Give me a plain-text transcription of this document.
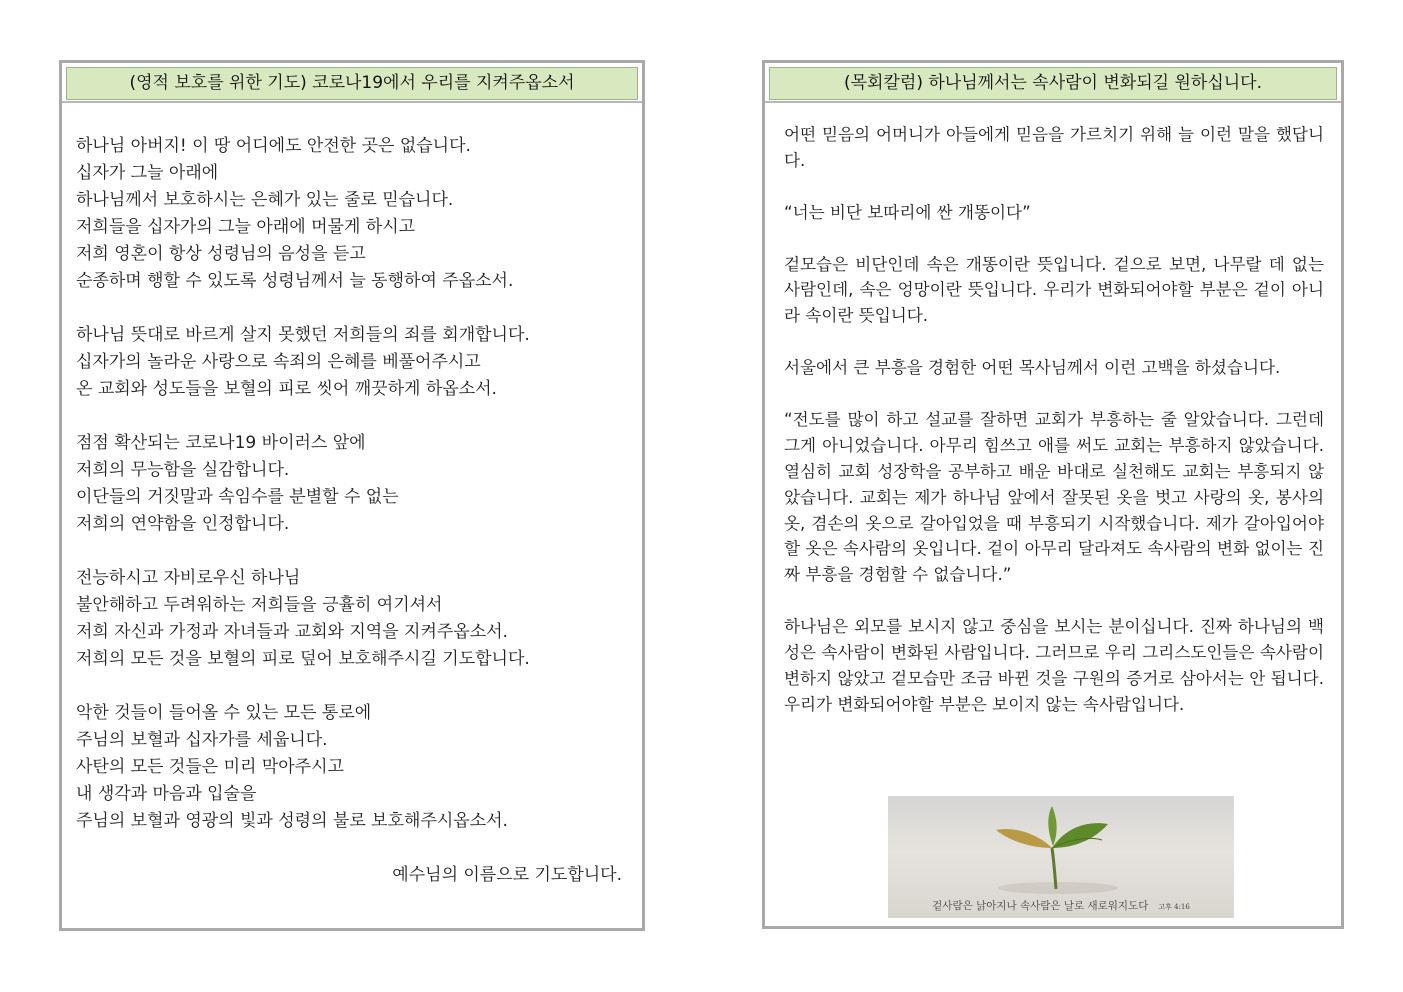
(영적 보호를 위한 기도) 코로나19에서 우리를 지켜주옵소서
하나님 아버지! 이 땅 어디에도 안전한 곳은 없습니다.
십자가 그늘 아래에
하나님께서 보호하시는 은혜가 있는 줄로 믿습니다.
저희들을 십자가의 그늘 아래에 머물게 하시고
저희 영혼이 항상 성령님의 음성을 듣고
순종하며 행할 수 있도록 성령님께서 늘 동행하여 주옵소서.
하나님 뜻대로 바르게 살지 못했던 저희들의 죄를 회개합니다.
십자가의 놀라운 사랑으로 속죄의 은혜를 베풀어주시고
온 교회와 성도들을 보혈의 피로 씻어 깨끗하게 하옵소서.
점점 확산되는 코로나19 바이러스 앞에
저희의 무능함을 실감합니다.
이단들의 거짓말과 속임수를 분별할 수 없는
저희의 연약함을 인정합니다.
전능하시고 자비로우신 하나님
불안해하고 두려워하는 저희들을 긍휼히 여기셔서
저희 자신과 가정과 자녀들과 교회와 지역을 지켜주옵소서.
저희의 모든 것을 보혈의 피로 덮어 보호해주시길 기도합니다.
악한 것들이 들어올 수 있는 모든 통로에
주님의 보혈과 십자가를 세웁니다.
사탄의 모든 것들은 미리 막아주시고
내 생각과 마음과 입술을
주님의 보혈과 영광의 빛과 성령의 불로 보호해주시옵소서.
예수님의 이름으로 기도합니다.
(목회칼럼) 하나님께서는 속사람이 변화되길 원하십니다.

어떤 믿음의 어머니가 아들에게 믿음을 가르치기 위해 늘 이런 말을 했답니다.

“너는 비단 보따리에 싼 개똥이다”

겉모습은 비단인데 속은 개똥이란 뜻입니다. 겉으로 보면, 나무랄 데 없는 사람인데, 속은 엉망이란 뜻입니다. 우리가 변화되어야할 부분은 겉이 아니라 속이란 뜻입니다.

서울에서 큰 부흥을 경험한 어떤 목사님께서 이런 고백을 하셨습니다.

“전도를 많이 하고 설교를 잘하면 교회가 부흥하는 줄 알았습니다. 그런데 그게 아니었습니다. 아무리 힘쓰고 애를 써도 교회는 부흥하지 않았습니다. 열심히 교회 성장학을 공부하고 배운 바대로 실천해도 교회는 부흥되지 않았습니다. 교회는 제가 하나님 앞에서 잘못된 옷을 벗고 사랑의 옷, 봉사의 옷, 겸손의 옷으로 갈아입었을 때 부흥되기 시작했습니다. 제가 갈아입어야 할 옷은 속사람의 옷입니다. 겉이 아무리 달라져도 속사람의 변화 없이는 진짜 부흥을 경험할 수 없습니다.”

하나님은 외모를 보시지 않고 중심을 보시는 분이십니다. 진짜 하나님의 백성은 속사람이 변화된 사람입니다. 그러므로 우리 그리스도인들은 속사람이 변하지 않았고 겉모습만 조금 바뀐 것을 구원의 증거로 삼아서는 안 됩니다. 우리가 변화되어야할 부분은 보이지 않는 속사람입니다.

겉사람은 낡아지나 속사람은 날로 새로워지도다 고후 4:16
